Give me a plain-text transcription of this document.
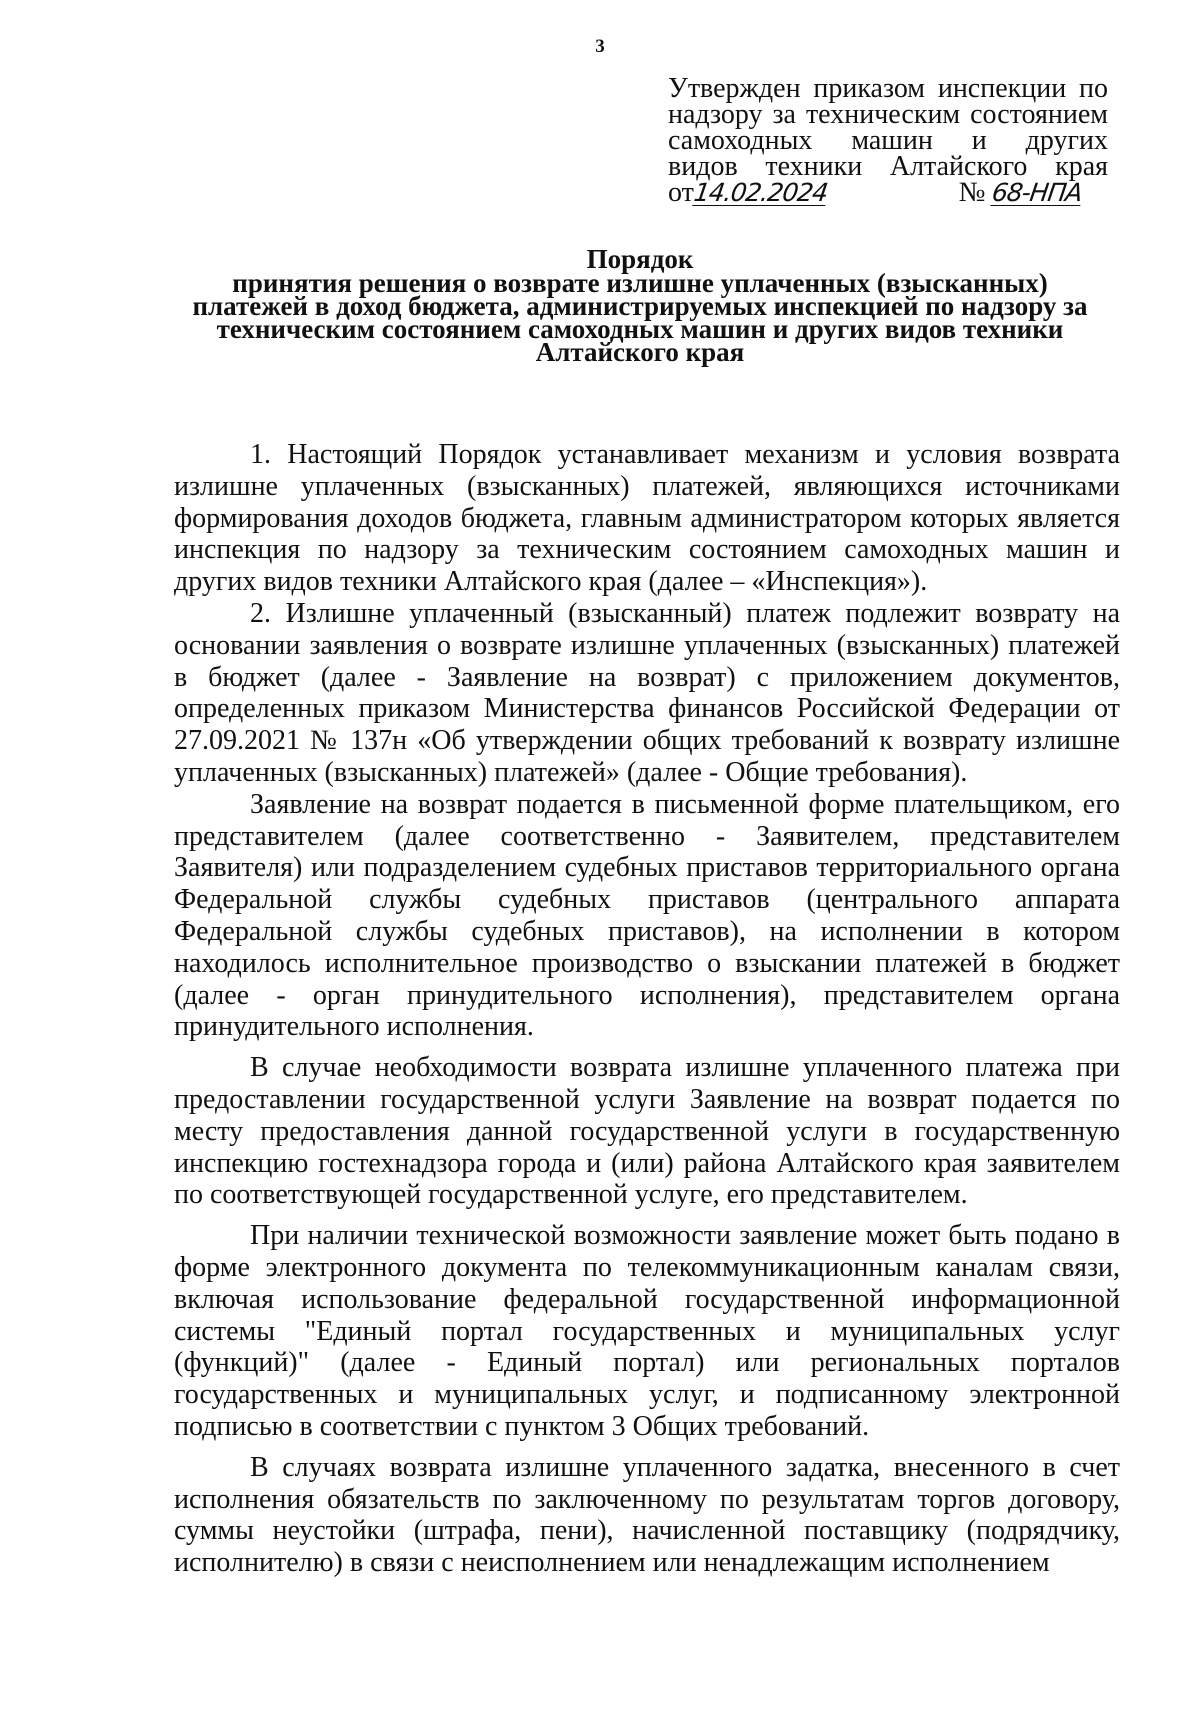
3
Утвержден приказом инспекции по
надзору за техническим состоянием
самоходных машин и других
видов техники Алтайского края
от14.02.2024	№ 68-НПА
Порядок
принятия решения о возврате излишне уплаченных (взысканных)
платежей в доход бюджета, администрируемых инспекцией по надзору за
техническим состоянием самоходных машин и других видов техники
Алтайского края

1. Настоящий Порядок устанавливает механизм и условия возврата излишне уплаченных (взысканных) платежей, являющихся источниками формирования доходов бюджета, главным администратором которых является инспекция по надзору за техническим состоянием самоходных машин и других видов техники Алтайского края (далее – «Инспекция»).

2. Излишне уплаченный (взысканный) платеж подлежит возврату на основании заявления о возврате излишне уплаченных (взысканных) платежей в бюджет (далее - Заявление на возврат) с приложением документов, определенных приказом Министерства финансов Российской Федерации от 27.09.2021 № 137н «Об утверждении общих требований к возврату излишне уплаченных (взысканных) платежей» (далее - Общие требования).

Заявление на возврат подается в письменной форме плательщиком, его представителем (далее соответственно - Заявителем, представителем Заявителя) или подразделением судебных приставов территориального органа Федеральной службы судебных приставов (центрального аппарата Федеральной службы судебных приставов), на исполнении в котором находилось исполнительное производство о взыскании платежей в бюджет (далее - орган принудительного исполнения), представителем органа принудительного исполнения.

В случае необходимости возврата излишне уплаченного платежа при предоставлении государственной услуги Заявление на возврат подается по месту предоставления данной государственной услуги в государственную инспекцию гостехнадзора города и (или) района Алтайского края заявителем по соответствующей государственной услуге, его представителем.

При наличии технической возможности заявление может быть подано в форме электронного документа по телекоммуникационным каналам связи, включая использование федеральной государственной информационной системы "Единый портал государственных и муниципальных услуг (функций)" (далее - Единый портал) или региональных порталов государственных и муниципальных услуг, и подписанному электронной подписью в соответствии с пунктом 3 Общих требований.

В случаях возврата излишне уплаченного задатка, внесенного в счет исполнения обязательств по заключенному по результатам торгов договору, суммы неустойки (штрафа, пени), начисленной поставщику (подрядчику, исполнителю) в связи с неисполнением или ненадлежащим исполнением
